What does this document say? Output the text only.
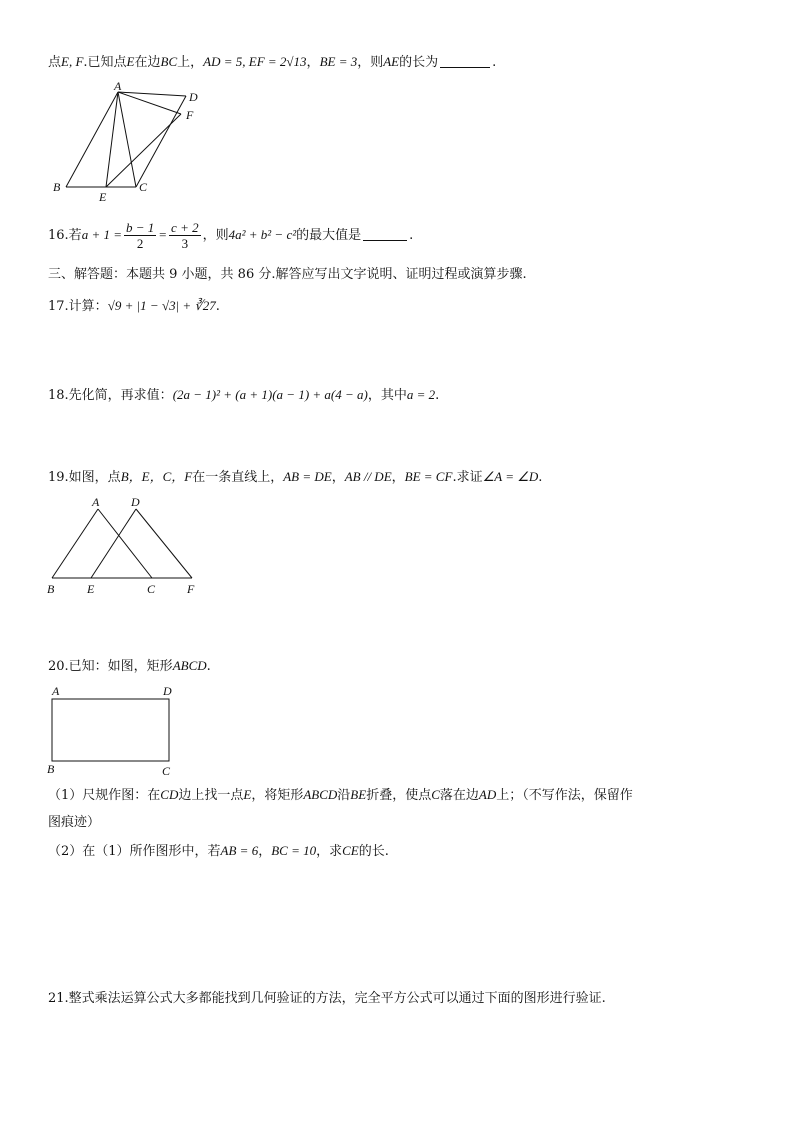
点E, F.已知点E在边BC上，AD = 5, EF = 2√13，BE = 3，则AE的长为	.
A
D
F
B
E
C
16.若$a + 1 = \frac{b - 1}{2} = \frac{c + 2}{3}$ ，则4a² + b² − c²的最大值是	.
三、解答题：本题共 9 小题，共 86 分.解答应写出文字说明、证明过程或演算步骤.
17.计算：√9 + |1 − √3| + ∛27.
18.先化简，再求值：(2a − 1)² + (a + 1)(a − 1) + a(4 − a)，其中a = 2.
19.如图，点B，E，C，F在一条直线上，AB = DE，AB // DE，BE = CF.求证∠A = ∠D.
A	D
B	E	C	F
20.已知：如图，矩形ABCD.
A	D
B	C
（1）尺规作图：在CD边上找一点E，将矩形ABCD沿BE折叠，使点C落在边AD上；（不写作法，保留作
图痕迹）
（2）在（1）所作图形中，若AB = 6，BC = 10，求CE的长.
21.整式乘法运算公式大多都能找到几何验证的方法，完全平方公式可以通过下面的图形进行验证.
